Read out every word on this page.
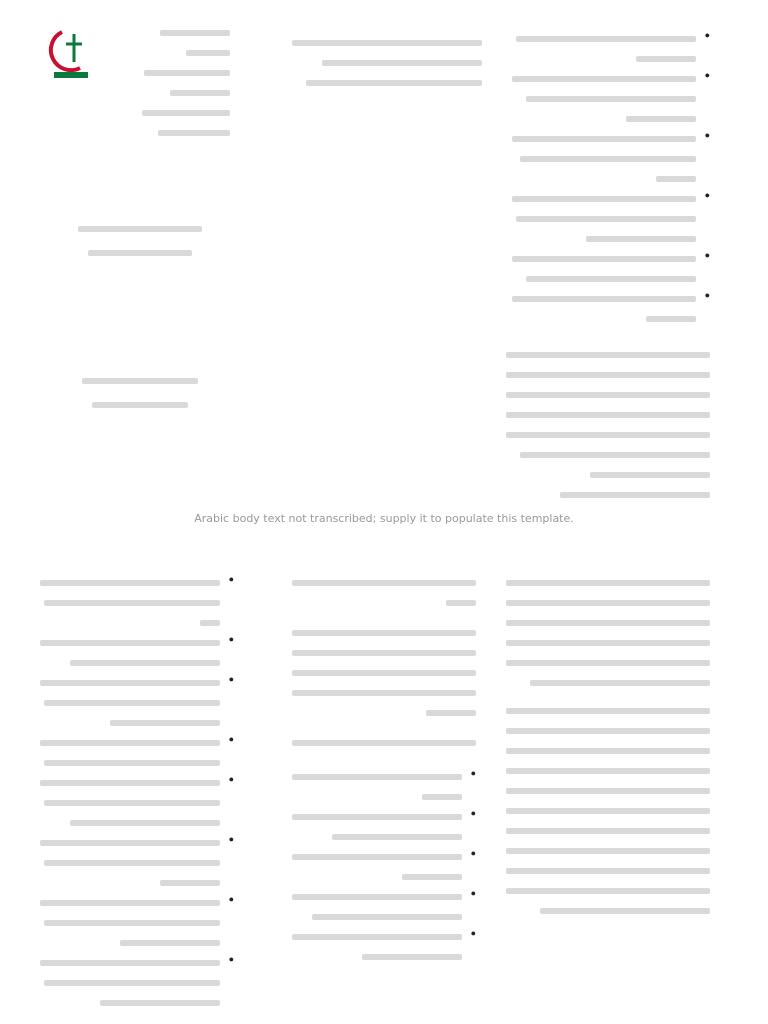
●
●
●
●
●
●
Arabic body text not transcribed; supply it to populate this template.
●
●
●
●
●
●
●
●
●
●
●
●
●
